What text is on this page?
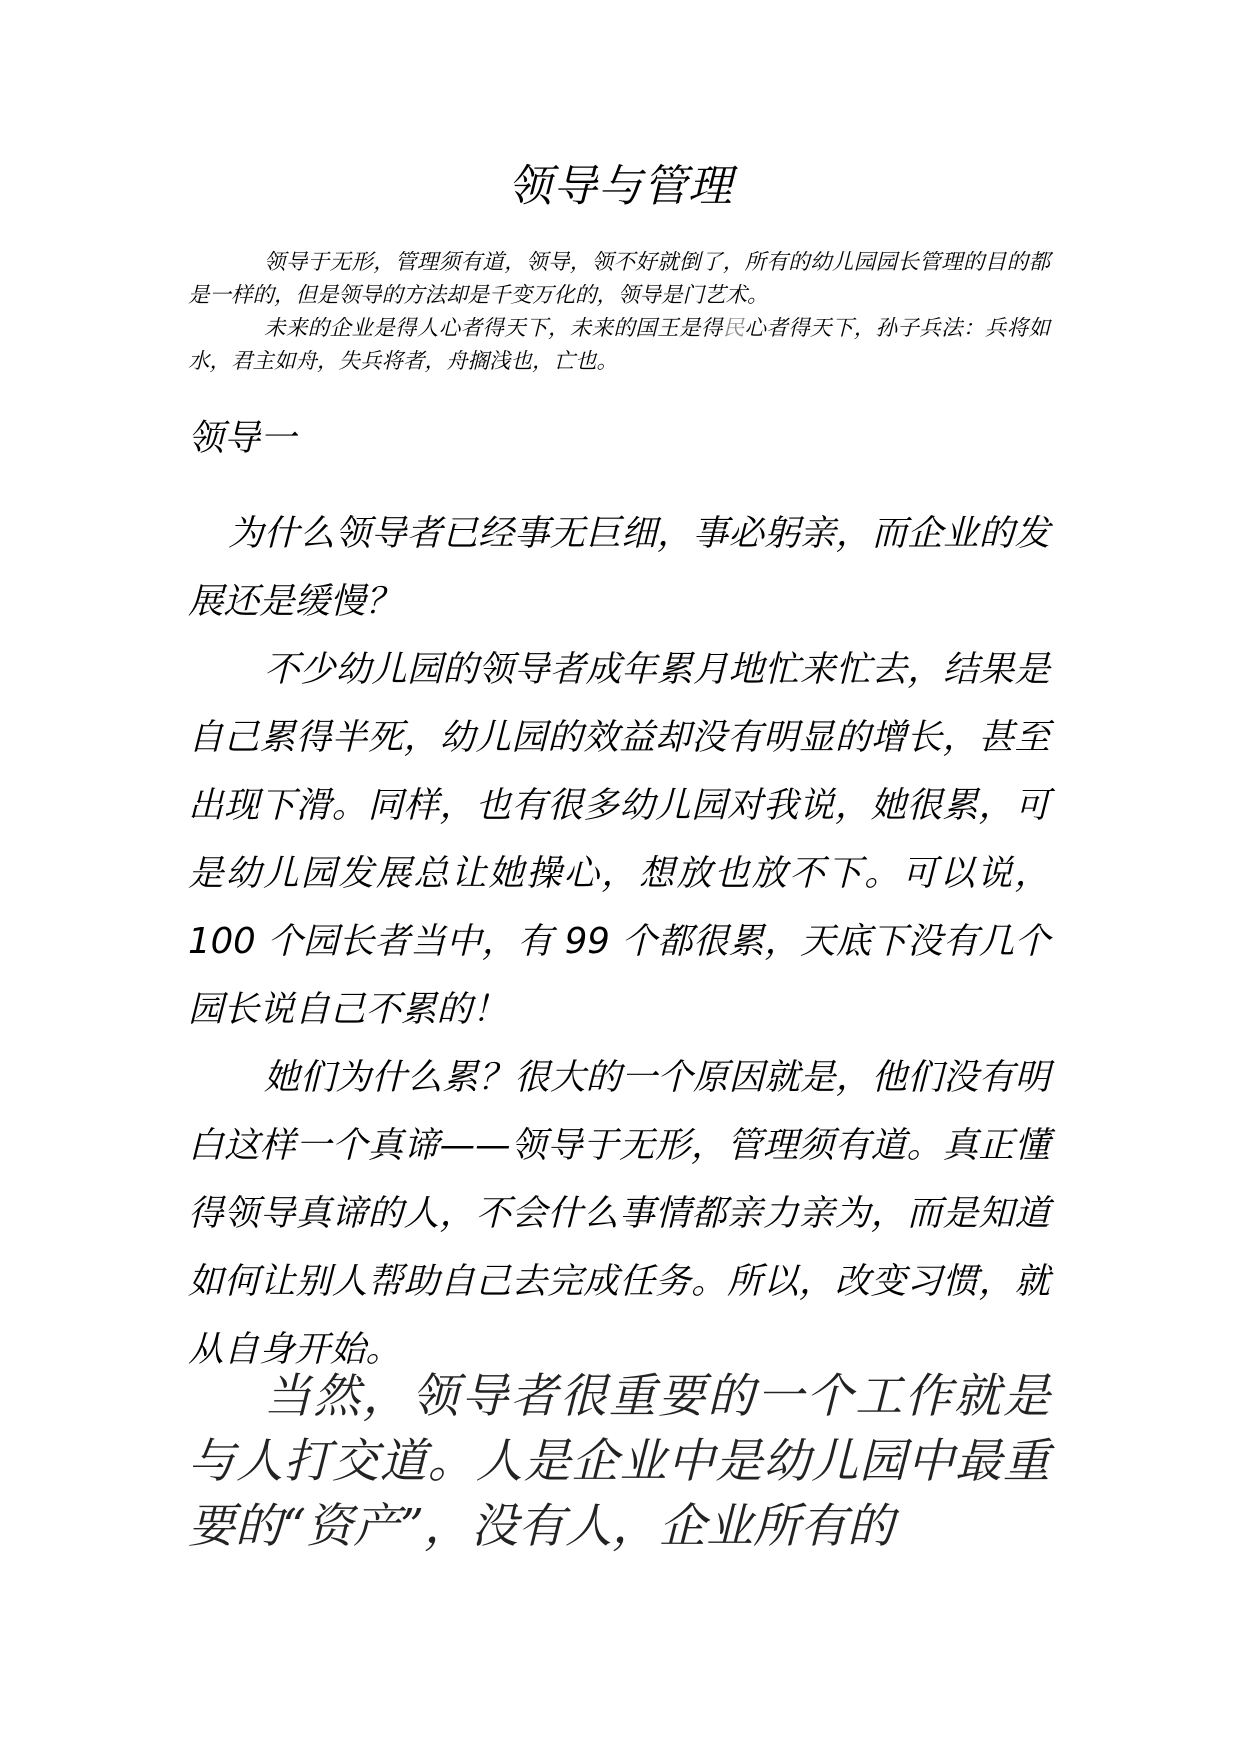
领导与管理

领导于无形，管理须有道，领导，领不好就倒了，所有的幼儿园园长管理的目的都是一样的，但是领导的方法却是千变万化的，领导是门艺术。

未来的企业是得人心者得天下，未来的国王是得民心者得天下，孙子兵法：兵将如水，君主如舟，失兵将者，舟搁浅也，亡也。

领导一

为什么领导者已经事无巨细，事必躬亲，而企业的发展还是缓慢？

不少幼儿园的领导者成年累月地忙来忙去，结果是自己累得半死，幼儿园的效益却没有明显的增长，甚至出现下滑。同样，也有很多幼儿园对我说，她很累，可是幼儿园发展总让她操心，想放也放不下。可以说，100 个园长者当中，有 99 个都很累，天底下没有几个园长说自己不累的！

她们为什么累？很大的一个原因就是，他们没有明白这样一个真谛——领导于无形，管理须有道。真正懂得领导真谛的人，不会什么事情都亲力亲为，而是知道如何让别人帮助自己去完成任务。所以，改变习惯，就从自身开始。

当然，领导者很重要的一个工作就是与人打交道。人是企业中是幼儿园中最重要的“资产”，没有人，企业所有的
